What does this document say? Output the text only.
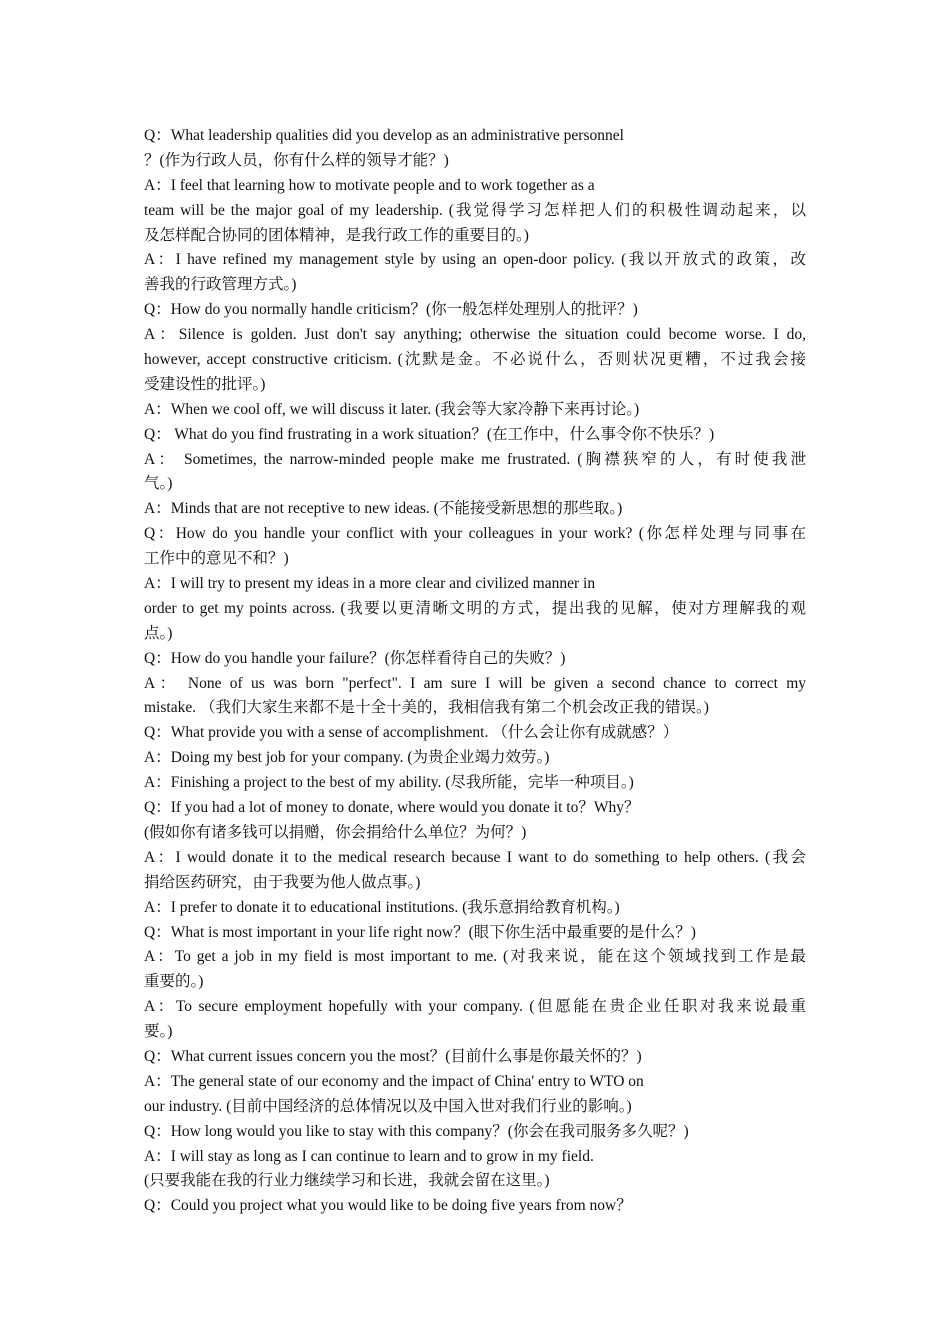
Q：What leadership qualities did you develop as an administrative personnel
？(作为行政人员，你有什么样的领导才能？)
A：I feel that learning how to motivate people and to work together as a
team will be the major goal of my leadership. (我觉得学习怎样把人们的积极性调动起来，以
及怎样配合协同的团体精神，是我行政工作的重要目的。)
A：I have refined my management style by using an open-door policy. (我以开放式的政策，改
善我的行政管理方式。)
Q：How do you normally handle criticism？(你一般怎样处理别人的批评？)
A：Silence is golden. Just don't say anything; otherwise the situation could become worse. I do,
however, accept constructive criticism. (沈默是金。不必说什么，否则状况更糟，不过我会接
受建设性的批评。)
A：When we cool off, we will discuss it later. (我会等大家冷静下来再讨论。)
Q： What do you find frustrating in a work situation？(在工作中，什么事令你不快乐？)
A： Sometimes, the narrow-minded people make me frustrated. (胸襟狭窄的人，有时使我泄
气。)
A：Minds that are not receptive to new ideas. (不能接受新思想的那些取。)
Q：How do you handle your conflict with your colleagues in your work? (你怎样处理与同事在
工作中的意见不和？)
A：I will try to present my ideas in a more clear and civilized manner in
order to get my points across. (我要以更清晰文明的方式，提出我的见解，使对方理解我的观
点。)
Q：How do you handle your failure？(你怎样看待自己的失败？)
A： None of us was born "perfect". I am sure I will be given a second chance to correct my
mistake. （我们大家生来都不是十全十美的，我相信我有第二个机会改正我的错误。)
Q：What provide you with a sense of accomplishment. （什么会让你有成就感？）
A：Doing my best job for your company. (为贵企业竭力效劳。)
A：Finishing a project to the best of my ability. (尽我所能，完毕一种项目。)
Q：If you had a lot of money to donate, where would you donate it to？Why？
(假如你有诸多钱可以捐赠，你会捐给什么单位？为何？)
A：I would donate it to the medical research because I want to do something to help others. (我会
捐给医药研究，由于我要为他人做点事。)
A：I prefer to donate it to educational institutions. (我乐意捐给教育机构。)
Q：What is most important in your life right now？(眼下你生活中最重要的是什么？)
A：To get a job in my field is most important to me. (对我来说，能在这个领域找到工作是最
重要的。)
A：To secure employment hopefully with your company. (但愿能在贵企业任职对我来说最重
要。)
Q：What current issues concern you the most？(目前什么事是你最关怀的？)
A：The general state of our economy and the impact of China' entry to WTO on
our industry. (目前中国经济的总体情况以及中国入世对我们行业的影响。)
Q：How long would you like to stay with this company？(你会在我司服务多久呢？)
A：I will stay as long as I can continue to learn and to grow in my field.
(只要我能在我的行业力继续学习和长进，我就会留在这里。)
Q：Could you project what you would like to be doing five years from now？
